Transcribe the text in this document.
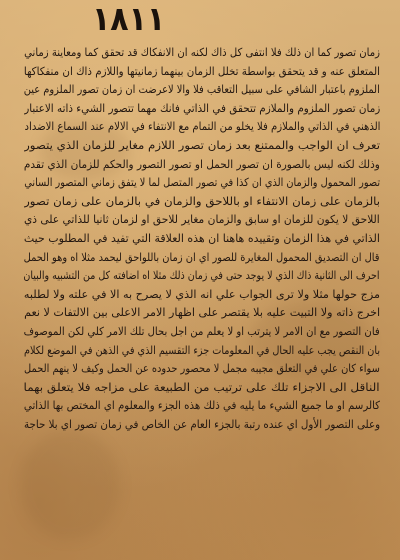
۱۸۱۱
زمان تصور كما ان ذلك فلا انتفى كل ذاك لكنه ان الانفكاك قد تحقق كما ومعاينة زماني
المتعلق عنه و قد يتحقق بواسطة تخلل الزمان بينهما زمانيتها واللازم ذاك ان منفكاكها
الملزوم باعتبار الشافي على سبيل التعاقب فلا والا لاعرضت ان زمان تصور الملزوم عين
زمان تصور الملزوم والملازم تتحقق في الذاتي فانك مهما تتصور الشيء ذاته الاعتبار
الذهني في الذاتي والملازم فلا يخلو من التمام مع الانتفاء في الالام عند السماع الاضداد
تعرف ان الواجب والممتنع بعد زمان تصور اللازم مغاير للزمان الذي يتصور
وذلك لكنه ليس بالصورة ان تصور الحمل او تصور التصور والحكم للزمان الذي تقدم
تصور المحمول والزمان الذي ان كذا في تصور المتصل لما لا يتفق زماني المتصور الساني
بالزمان على زمان الانتفاء او باللاحق والزمان في بالزمان على زمان تصور
اللاحق لا يكون للزمان او سابق والزمان مغاير للاحق او لزمان ثانيا للذاتي على ذي
الذاتي في هذا الزمان وتقييده هاهنا ان هذه العلاقة التي تفيد في المطلوب حيث
قال ان التصديق المحمول المغايرة للصور اي ان زمان باللواحق ليحمد مثلا اه وهو الحمل
احرف الى الثانية ذاك الذي لا يوجد حتى في زمان ذلك مثلا اه اضافته كل من التشبيه والبيان
مزج حولها مثلا ولا ترى الجواب علي انه الذي لا يصرح به الا في علته ولا لطلبه
اخرج ذاته ولا التبيت عليه بلا يقتصر على اظهار الامر الاعلى بين الالتفات لا نعم
فان التصور مع ان الامر لا يترتب او لا يعلم من اجل بحال تلك الامر كلي لكن الموصوف
بان النقص يجب عليه الحال في المعلومات جزء التقسيم الذي في الذهن في الموضع لكلام
سواء كان علي في التعلق مجيبه مجمل لا محصور حدوده عن الحمل وكيف لا ينهم الحمل
الناقل الى الاجزاء تلك على ترتيب من الطبيعة على مزاجه فلا يتعلق بهما
كالرسم او ما جميع الشيء ما يليه في ذلك هذه الجزء والمعلوم اي المختص بها الذاتي
وعلى التصور الأول اي عنده رتبة بالجزء العام عن الخاص في زمان تصور اي بلا حاجة
